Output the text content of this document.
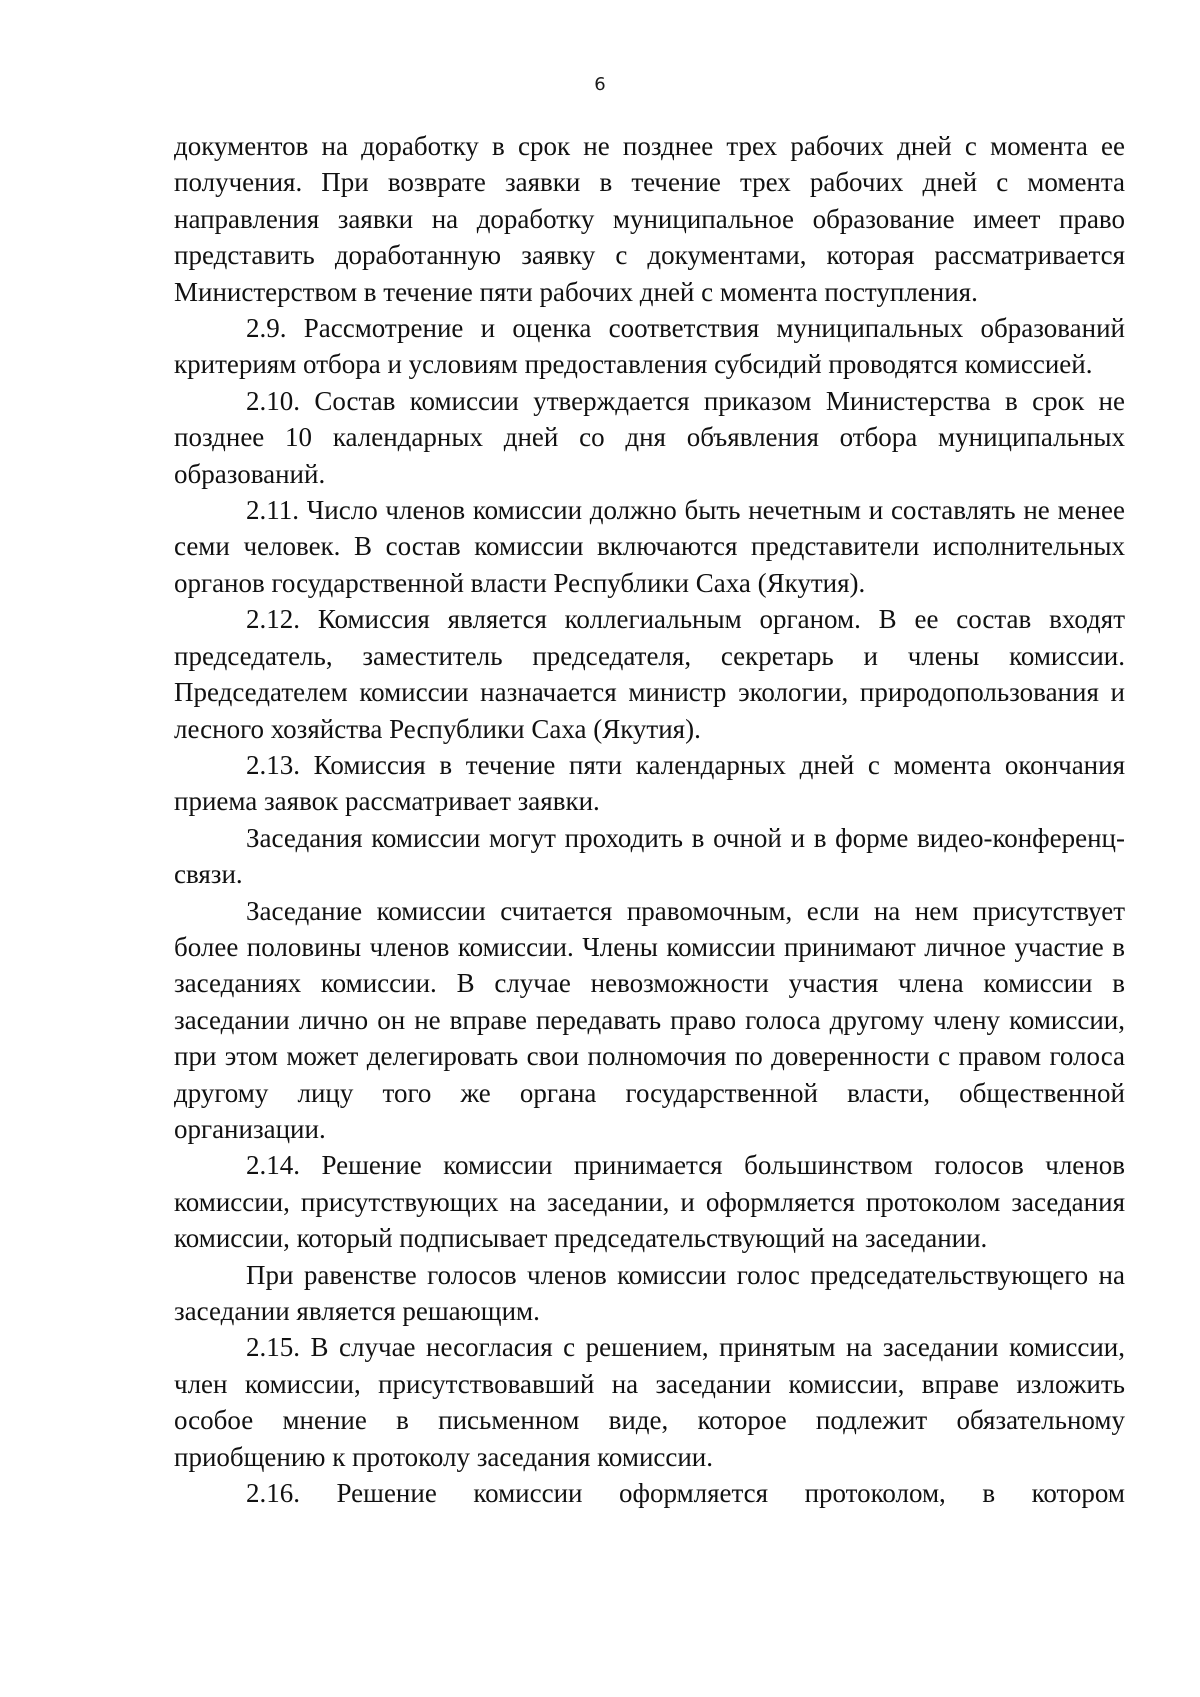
6

документов на доработку в срок не позднее трех рабочих дней с момента ее получения. При возврате заявки в течение трех рабочих дней с момента направления заявки на доработку муниципальное образование имеет право представить доработанную заявку с документами, которая рассматривается Министерством в течение пяти рабочих дней с момента поступления.

2.9. Рассмотрение и оценка соответствия муниципальных образований критериям отбора и условиям предоставления субсидий проводятся комиссией.

2.10. Состав комиссии утверждается приказом Министерства в срок не позднее 10 календарных дней со дня объявления отбора муниципальных образований.

2.11. Число членов комиссии должно быть нечетным и составлять не менее семи человек. В состав комиссии включаются представители исполнительных органов государственной власти Республики Саха (Якутия).

2.12. Комиссия является коллегиальным органом. В ее состав входят председатель, заместитель председателя, секретарь и члены комиссии. Председателем комиссии назначается министр экологии, природопользования и лесного хозяйства Республики Саха (Якутия).

2.13. Комиссия в течение пяти календарных дней с момента окончания приема заявок рассматривает заявки.

Заседания комиссии могут проходить в очной и в форме видео-конференц-связи.

Заседание комиссии считается правомочным, если на нем присутствует более половины членов комиссии. Члены комиссии принимают личное участие в заседаниях комиссии. В случае невозможности участия члена комиссии в заседании лично он не вправе передавать право голоса другому члену комиссии, при этом может делегировать свои полномочия по доверенности с правом голоса другому лицу того же органа государственной власти, общественной организации.

2.14. Решение комиссии принимается большинством голосов членов комиссии, присутствующих на заседании, и оформляется протоколом заседания комиссии, который подписывает председательствующий на заседании.

При равенстве голосов членов комиссии голос председательствующего на заседании является решающим.

2.15. В случае несогласия с решением, принятым на заседании комиссии, член комиссии, присутствовавший на заседании комиссии, вправе изложить особое мнение в письменном виде, которое подлежит обязательному приобщению к протоколу заседания комиссии.

2.16. Решение комиссии оформляется протоколом, в котором
